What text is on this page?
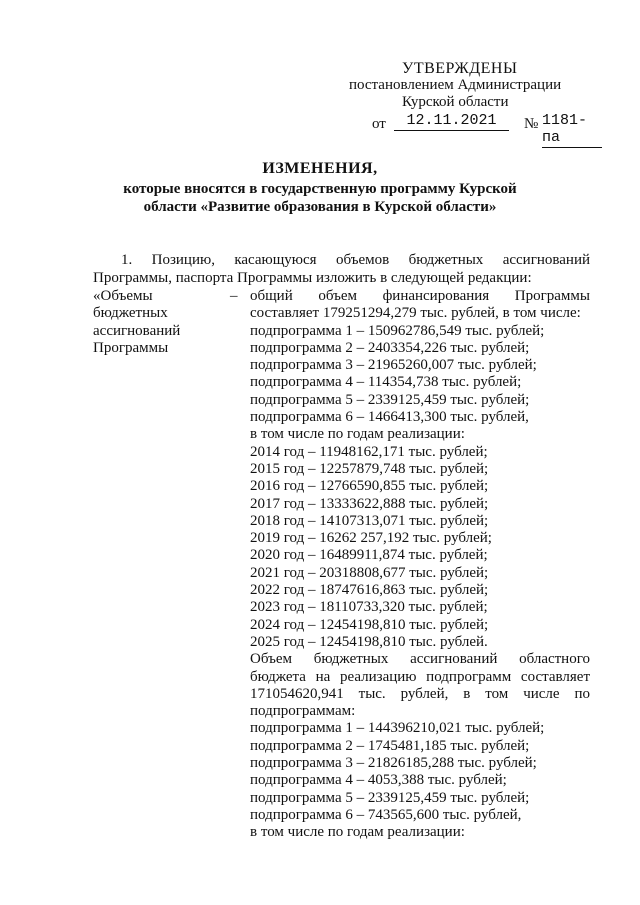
УТВЕРЖДЕНЫ
постановлением Администрации
Курской области
от	12.11.2021	№ 1181-па
ИЗМЕНЕНИЯ,
которые вносятся в государственную программу Курской
области «Развитие образования в Курской области»
1. Позицию, касающуюся объемов бюджетных ассигнований
Программы, паспорта Программы изложить в следующей редакции:
«Объемы
бюджетных
ассигнований
Программы
– общий объем финансирования Программы
составляет 179251294,279 тыс. рублей, в том числе:
подпрограмма 1 – 150962786,549 тыс. рублей;
подпрограмма 2 – 2403354,226 тыс. рублей;
подпрограмма 3 – 21965260,007 тыс. рублей;
подпрограмма 4 – 114354,738 тыс. рублей;
подпрограмма 5 – 2339125,459 тыс. рублей;
подпрограмма 6 – 1466413,300 тыс. рублей,
в том числе по годам реализации:
2014 год – 11948162,171 тыс. рублей;
2015 год – 12257879,748 тыс. рублей;
2016 год – 12766590,855 тыс. рублей;
2017 год – 13333622,888 тыс. рублей;
2018 год – 14107313,071 тыс. рублей;
2019 год – 16262 257,192 тыс. рублей;
2020 год – 16489911,874 тыс. рублей;
2021 год – 20318808,677 тыс. рублей;
2022 год – 18747616,863 тыс. рублей;
2023 год – 18110733,320 тыс. рублей;
2024 год – 12454198,810 тыс. рублей;
2025 год – 12454198,810 тыс. рублей.
Объем бюджетных ассигнований областного
бюджета на реализацию подпрограмм составляет
171054620,941 тыс. рублей, в том числе по
подпрограммам:
подпрограмма 1 – 144396210,021 тыс. рублей;
подпрограмма 2 – 1745481,185 тыс. рублей;
подпрограмма 3 – 21826185,288 тыс. рублей;
подпрограмма 4 – 4053,388 тыс. рублей;
подпрограмма 5 – 2339125,459 тыс. рублей;
подпрограмма 6 – 743565,600 тыс. рублей,
в том числе по годам реализации:
